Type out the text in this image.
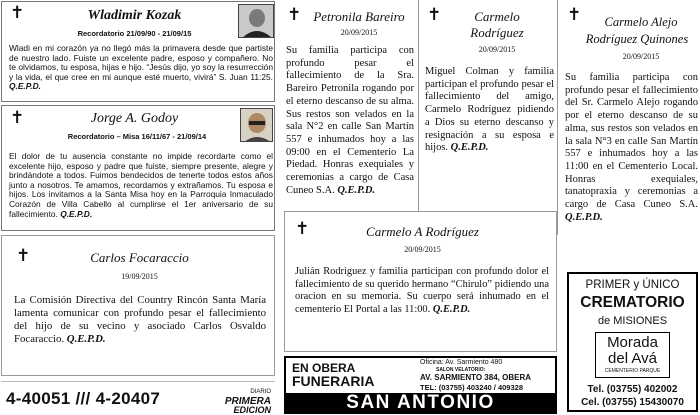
✝	Wladimir Kozak
Recordatorio 21/09/90 - 21/09/15
Wladi en mi corazón ya no llegó más la primavera desde que partiste de nuestro lado. Fuiste un excelente padre, esposo y compañero. No te olvidamos, tu esposa, hijas e hijo. “Jesús dijo, yo soy la resurrección y la vida, el que cree en mi aunque esté muerto, vivirá” S. Juan 11:25. Q.E.P.D.
✝	Jorge A. Godoy
Recordatorio – Misa 16/11/67 - 21/09/14
El dolor de tu ausencia constante no impide recordarte como el excelente hijo, esposo y padre que fuiste, siempre presente, alegre y brindándote a todos. Fuimos bendecidos de tenerte todos estos años junto a nosotros. Te amamos, recordamos y extrañamos. Tu esposa e hijos. Los invitamos a la Santa Misa hoy en la Parroquia Inmaculado Corazón de Villa Cabello al cumplirse el 1er aniversario de su fallecimiento. Q.E.P.D.
✝	Carlos Focaraccio
19/09/2015
La Comisión Directiva del Country Rincón Santa María lamenta comunicar con profundo pesar el fallecimiento del hijo de su vecino y asociado Carlos Osvaldo Focaraccio. Q.E.P.D.
4-40051 /// 4-20407	DIARIO
PRIMERA
EDICION
✝ Petronila Bareiro
20/09/2015
Su familia participa con profundo pesar el fallecimiento de la Sra. Bareiro Petronila rogando por el eterno descanso de su alma. Sus restos son velados en la sala N°2 en calle San Martín 557 e inhumados hoy a las 09:00 en el Cementerio La Piedad. Honras exequiales y ceremonias a cargo de Casa Cuneo S.A. Q.E.P.D.
✝	Carmelo
Rodríguez
20/09/2015
Miguel Colman y familia participan el profundo pesar el fallecimiento del amigo, Carmelo Rodríguez pidiendo a Dios su eterno descanso y resignación a su esposa e hijos. Q.E.P.D.
✝	Carmelo A Rodríguez
20/09/2015
Julián Rodriguez y familia participan con profundo dolor el fallecimiento de su querido hermano “Chirulo” pidiendo una oracion en su memoria. Su cuerpo será inhumado en el cementerio El Portal a las 11:00. Q.E.P.D.
EN OBERA
FUNERARIA
Oficina: Av. Sarmiento 480
SALON VELATORIO:
AV. SARMIENTO 384, OBERA
TEL: (03755) 403240 / 409328
SAN ANTONIO
✝	Carmelo Alejo
Rodríguez Quinones
20/09/2015
Su familia participa con profundo pesar el fallecimiento del Sr. Carmelo Alejo rogando por el eterno descanso de su alma, sus restos son velados en la sala N°3 en calle San Martín 557 e inhumados hoy a las 11:00 en el Cementerio Local. Honras exequiales, tanatopraxia y ceremonias a cargo de Casa Cuneo S.A. Q.E.P.D.
PRIMER y ÚNICO
CREMATORIO
de MISIONES
Morada
del Avá
CEMENTERIO PARQUE
Tel. (03755) 402002
Cel. (03755) 15430070
